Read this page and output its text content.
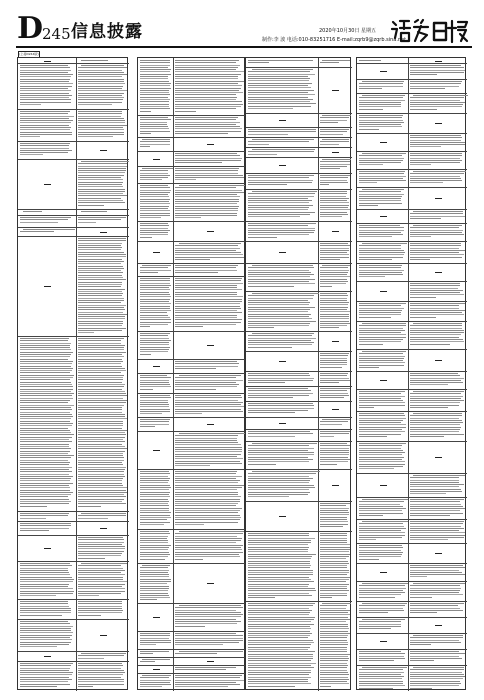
D
245 信息披露	2020年10月30日 星期五
制作:李 波 电话:010-83251716 E-mail:zqrb9@zqrb.sina.net
(上接D244版)
